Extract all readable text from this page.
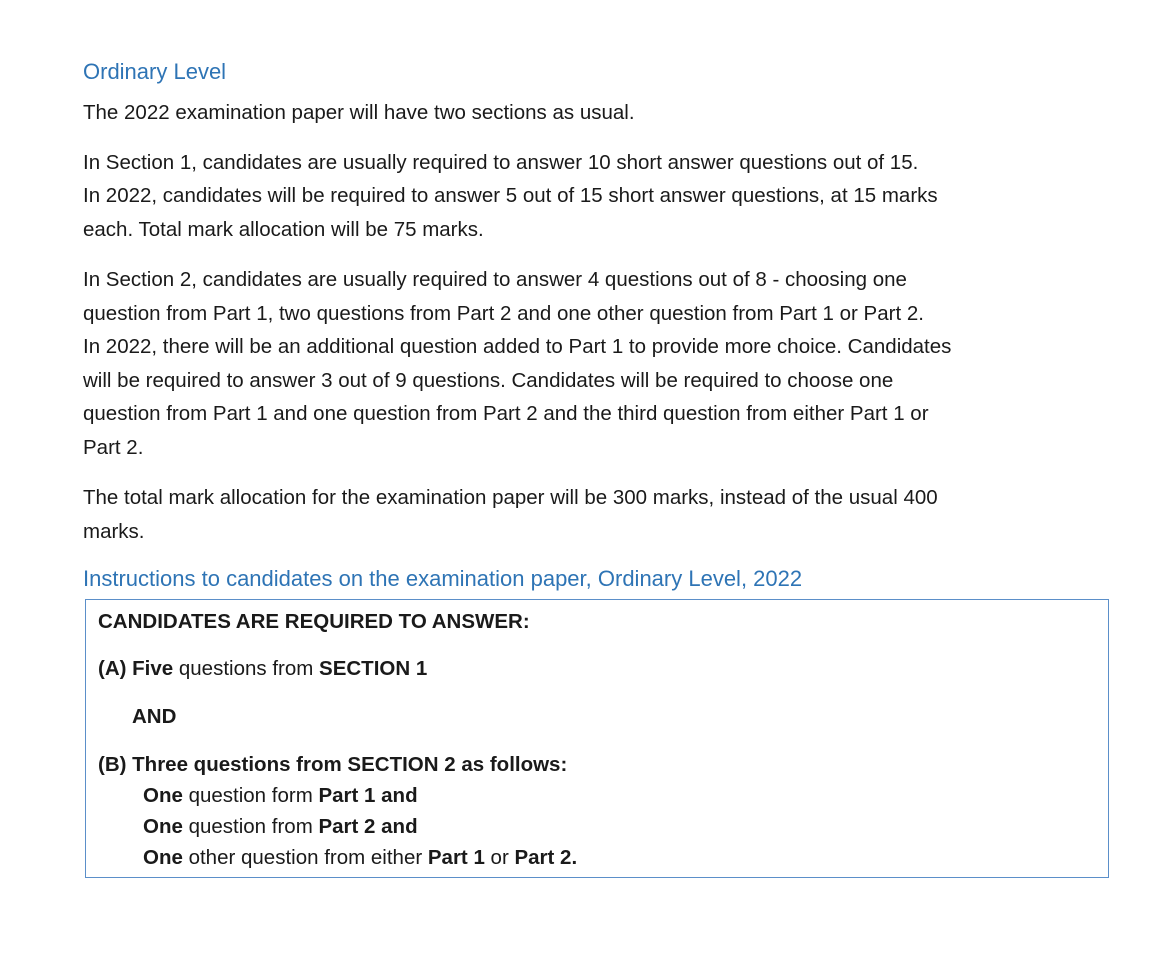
Ordinary Level

The 2022 examination paper will have two sections as usual.

In Section 1, candidates are usually required to answer 10 short answer questions out of 15.
In 2022, candidates will be required to answer 5 out of 15 short answer questions, at 15 marks
each. Total mark allocation will be 75 marks.

In Section 2, candidates are usually required to answer 4 questions out of 8 - choosing one
question from Part 1, two questions from Part 2 and one other question from Part 1 or Part 2.
In 2022, there will be an additional question added to Part 1 to provide more choice. Candidates
will be required to answer 3 out of 9 questions. Candidates will be required to choose one
question from Part 1 and one question from Part 2 and the third question from either Part 1 or
Part 2.

The total mark allocation for the examination paper will be 300 marks, instead of the usual 400
marks.

Instructions to candidates on the examination paper, Ordinary Level, 2022
CANDIDATES ARE REQUIRED TO ANSWER:
(A) Five questions from SECTION 1
AND
(B) Three questions from SECTION 2 as follows:
One question form Part 1 and
One question from Part 2 and
One other question from either Part 1 or Part 2.
